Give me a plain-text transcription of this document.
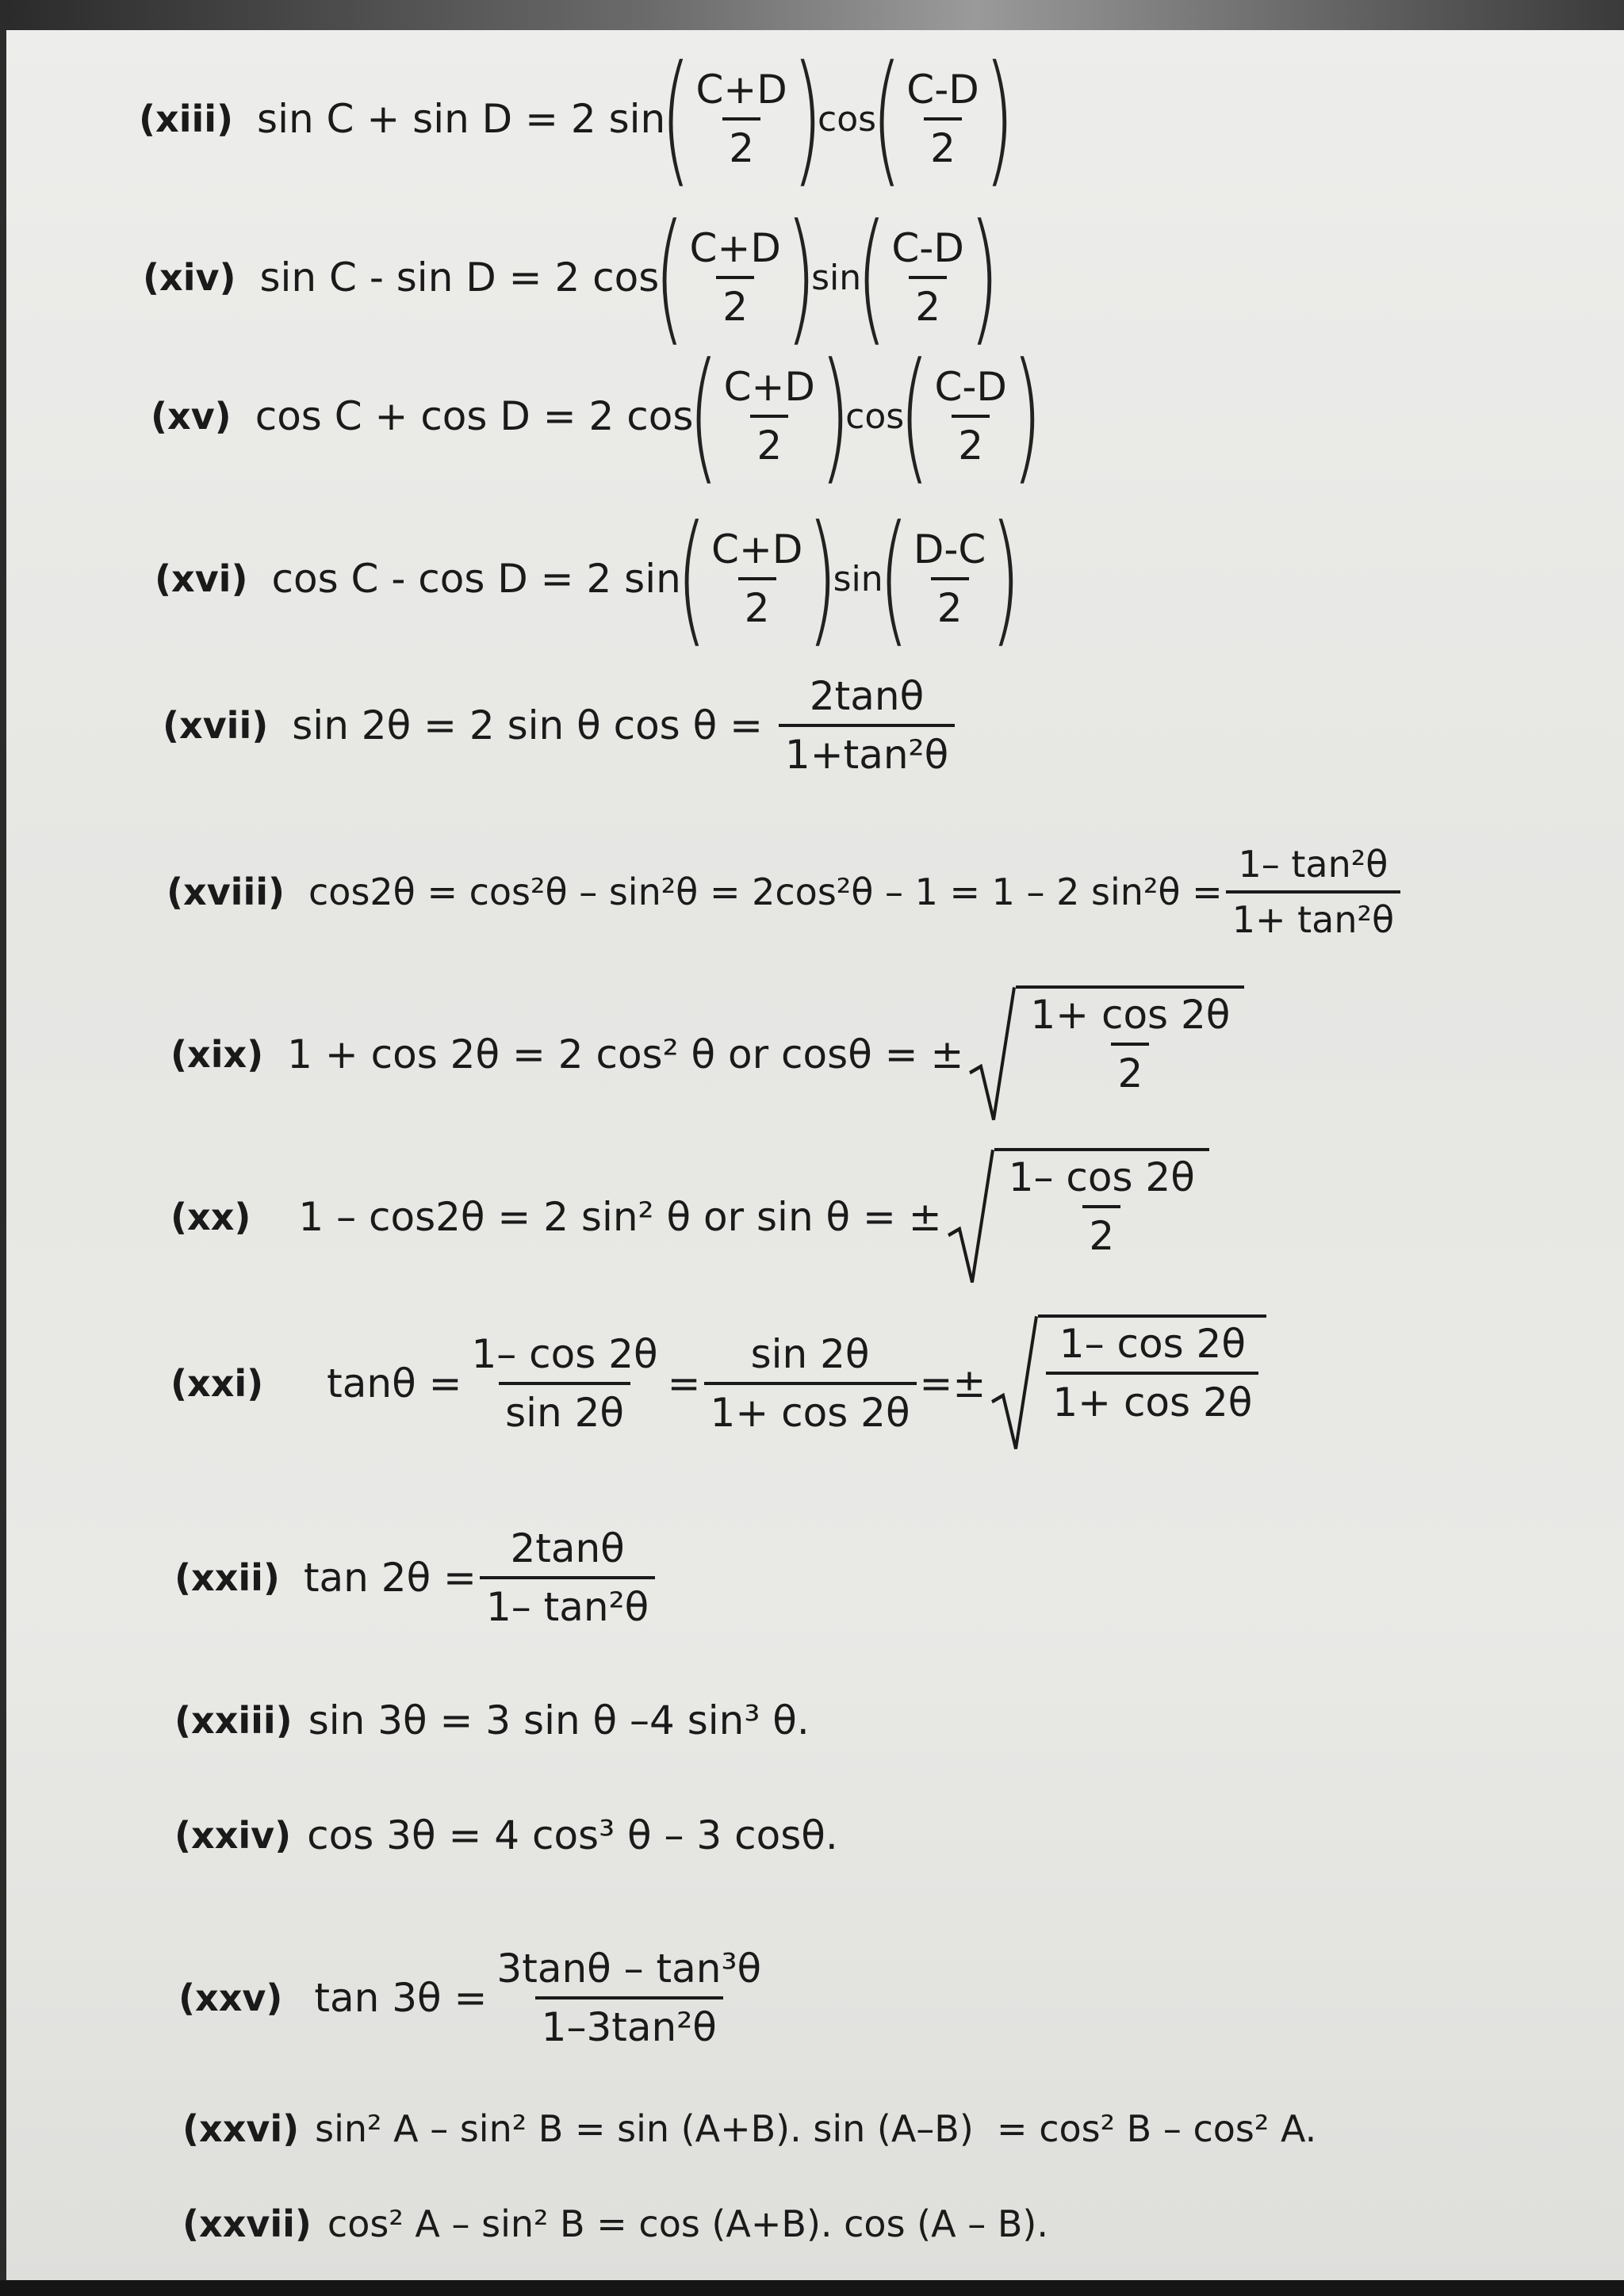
(xiii) sin C + sin D = 2 sin
(
$\frac{C+D}{2}$
)
cos
(
$\frac{C-D}{2}$
)
(xiv) sin C - sin D = 2 cos
(
$\frac{C+D}{2}$
)
sin
(
$\frac{C-D}{2}$
)
(xv) cos C + cos D = 2 cos
(
$\frac{C+D}{2}$
)
cos
(
$\frac{C-D}{2}$
)
(xvi) cos C - cos D = 2 sin
(
$\frac{C+D}{2}$
)
sin
(
$\frac{D-C}{2}$
)
(xvii) sin 2θ = 2 sin θ $\cos \theta = \frac{2\tan\theta}{\text{1+tan²θ}}$
(xviii) cos2θ = cos²θ – sin²θ = 2cos²θ – 1 = 1 – 2 $\sin^2\theta = \frac{\text{1– tan²θ}}{\text{1+ tan²θ}}$
(xix) 1 + cos 2θ = 2 cos² θ or cosθ = ±

$\frac{1+ \cos 2\theta}{2}$
(xx) 1 – cos2θ = 2 sin² θ or sin θ = ±

$\frac{1- \cos 2\theta}{2}$
(xxi) $\tan\theta = \frac{1- \cos 2\theta}{\sin 2\theta} = \frac{\sin 2\theta}{1+ \cos 2\theta}$ =±

$\frac{1- \cos 2\theta}{1+ \cos 2\theta}$
(xxii) $\tan 2\theta = \frac{2\tan\theta}{\text{1– tan²θ}}$
(xxiii) sin 3θ = 3 sin θ –4 sin³ θ.
(xxiv) cos 3θ = 4 cos³ θ – 3 cosθ.
(xxv) $\tan 3\theta = \frac{\text{3tanθ – tan³θ}}{\text{1–3tan²θ}}$
(xxvi) sin² A – sin² B = sin (A+B). sin (A–B)  = cos² B – cos² A.
(xxvii) cos² A – sin² B = cos (A+B). cos (A – B).
